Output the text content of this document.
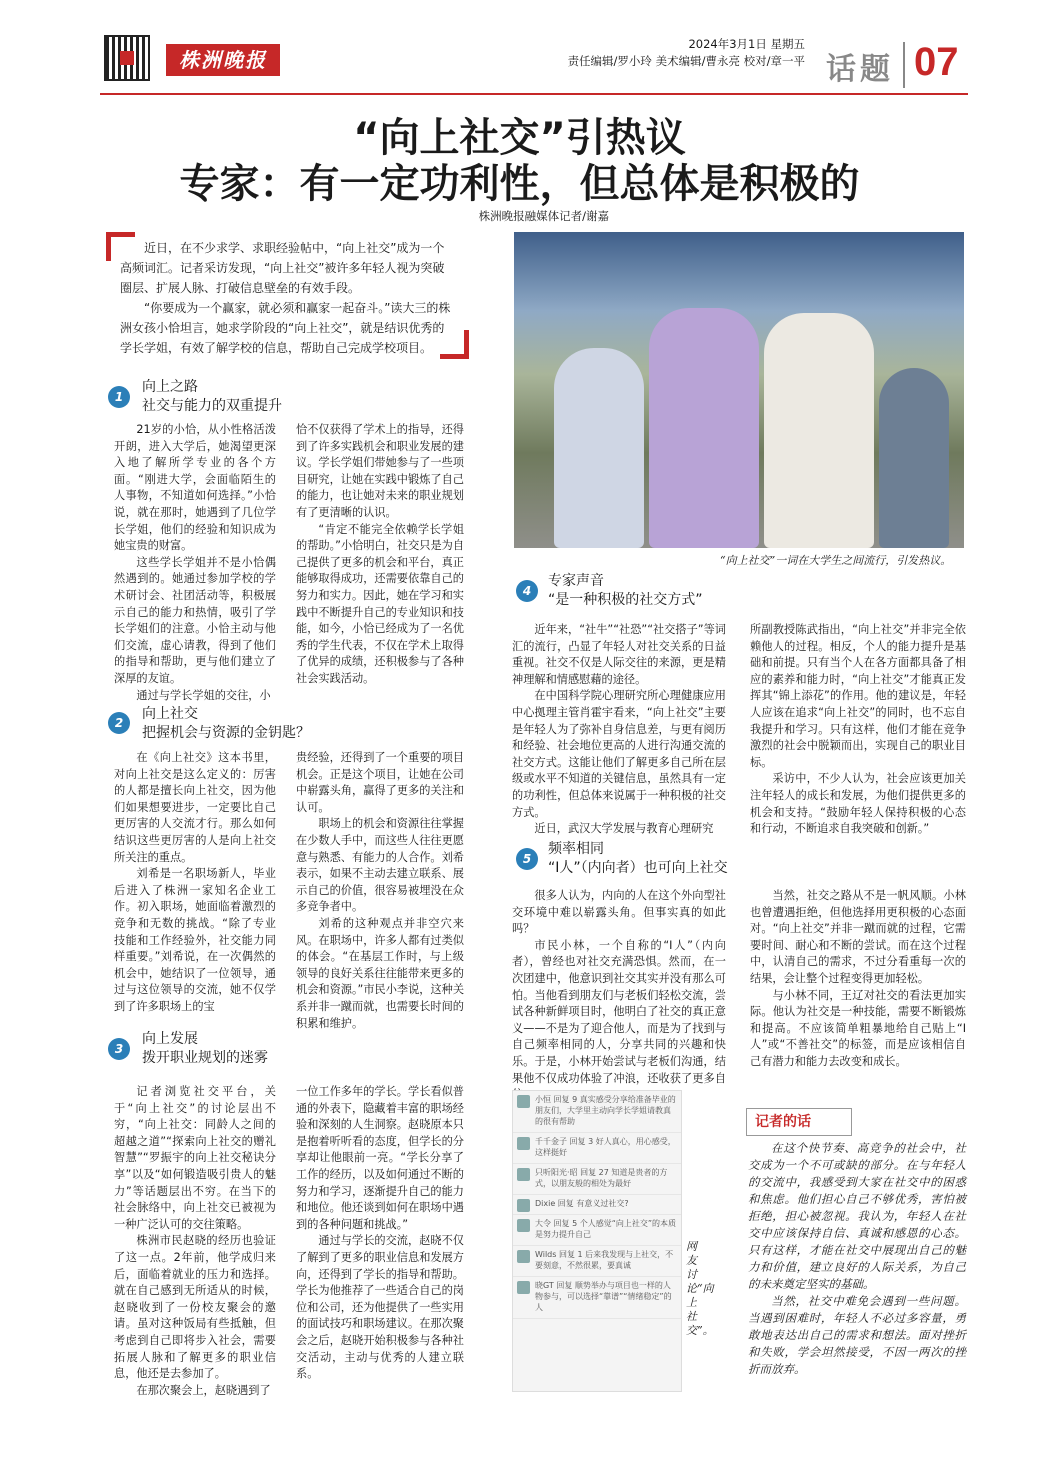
株洲晚报
2024年3月1日 星期五
责任编辑/罗小玲 美术编辑/曹永亮 校对/章一平 话题 07
“向上社交”引热议
专家：有一定功利性，但总体是积极的
株洲晚报融媒体记者/谢嘉

近日，在不少求学、求职经验帖中，“向上社交”成为一个高频词汇。记者采访发现，“向上社交”被许多年轻人视为突破圈层、扩展人脉、打破信息壁垒的有效手段。

“你要成为一个赢家，就必须和赢家一起奋斗。”读大三的株洲女孩小恰坦言，她求学阶段的“向上社交”，就是结识优秀的学长学姐，有效了解学校的信息，帮助自己完成学校项目。

“向上社交”一词在大学生之间流行，引发热议。
1
向上之路
社交与能力的双重提升

21岁的小恰，从小性格活泼开朗，进入大学后，她渴望更深入地了解所学专业的各个方面。“刚进大学，会面临陌生的人事物，不知道如何选择。”小恰说，就在那时，她遇到了几位学长学姐，他们的经验和知识成为她宝贵的财富。

这些学长学姐并不是小恰偶然遇到的。她通过参加学校的学术研讨会、社团活动等，积极展示自己的能力和热情，吸引了学长学姐们的注意。小恰主动与他们交流，虚心请教，得到了他们的指导和帮助，更与他们建立了深厚的友谊。

通过与学长学姐的交往，小

恰不仅获得了学术上的指导，还得到了许多实践机会和职业发展的建议。学长学姐们带她参与了一些项目研究，让她在实践中锻炼了自己的能力，也让她对未来的职业规划有了更清晰的认识。

“肯定不能完全依赖学长学姐的帮助。”小恰明白，社交只是为自己提供了更多的机会和平台，真正能够取得成功，还需要依靠自己的努力和实力。因此，她在学习和实践中不断提升自己的专业知识和技能，如今，小恰已经成为了一名优秀的学生代表，不仅在学术上取得了优异的成绩，还积极参与了各种社会实践活动。

2
向上社交
把握机会与资源的金钥匙？

在《向上社交》这本书里，对向上社交是这么定义的：厉害的人都是擅长向上社交，因为他们如果想要进步，一定要比自己更厉害的人交流才行。那么如何结识这些更厉害的人是向上社交所关注的重点。

刘希是一名职场新人，毕业后进入了株洲一家知名企业工作。初入职场，她面临着激烈的竞争和无数的挑战。“除了专业技能和工作经验外，社交能力同样重要。”刘希说，在一次偶然的机会中，她结识了一位领导，通过与这位领导的交流，她不仅学到了许多职场上的宝

贵经验，还得到了一个重要的项目机会。正是这个项目，让她在公司中崭露头角，赢得了更多的关注和认可。

职场上的机会和资源往往掌握在少数人手中，而这些人往往更愿意与熟悉、有能力的人合作。刘希表示，如果不主动去建立联系、展示自己的价值，很容易被埋没在众多竞争者中。

刘希的这种观点并非空穴来风。在职场中，许多人都有过类似的体会。“在基层工作时，与上级领导的良好关系往往能带来更多的机会和资源。”市民小李说，这种关系并非一蹴而就，也需要长时间的积累和维护。

3
向上发展
拨开职业规划的迷雾

记者浏览社交平台，关于“向上社交”的讨论层出不穷，“向上社交：同龄人之间的超越之道”“探索向上社交的赠礼智慧”“罗振宇的向上社交秘诀分享”以及“如何锻造吸引贵人的魅力”等话题层出不穷。在当下的社会脉络中，向上社交已被视为一种广泛认可的交往策略。

株洲市民赵晓的经历也验证了这一点。2年前，他学成归来后，面临着就业的压力和选择。就在自己感到无所适从的时候，赵晓收到了一份校友聚会的邀请。虽对这种饭局有些抵触，但考虑到自己即将步入社会，需要拓展人脉和了解更多的职业信息，他还是去参加了。

在那次聚会上，赵晓遇到了

一位工作多年的学长。学长看似普通的外表下，隐藏着丰富的职场经验和深刻的人生洞察。赵晓原本只是抱着听听看的态度，但学长的分享却让他眼前一亮。“学长分享了工作的经历，以及如何通过不断的努力和学习，逐渐提升自己的能力和地位。他还谈到如何在职场中遇到的各种问题和挑战。”

通过与学长的交流，赵晓不仅了解到了更多的职业信息和发展方向，还得到了学长的指导和帮助。学长为他推荐了一些适合自己的岗位和公司，还为他提供了一些实用的面试技巧和职场建议。在那次聚会之后，赵晓开始积极参与各种社交活动，主动与优秀的人建立联系。

4
专家声音
“是一种积极的社交方式”

近年来，“社牛”“社恐”“社交搭子”等词汇的流行，凸显了年轻人对社交关系的日益重视。社交不仅是人际交往的来源，更是精神理解和情感慰藉的途径。

在中国科学院心理研究所心理健康应用中心拠理主管肖霍宇看来，“向上社交”主要是年轻人为了弥补自身信息差，与更有阅历和经验、社会地位更高的人进行沟通交流的社交方式。这能让他们了解更多自己所在层级或水平不知道的关键信息，虽然具有一定的功利性，但总体来说属于一种积极的社交方式。

近日，武汉大学发展与教育心理研究

所副教授陈武指出，“向上社交”并非完全依赖他人的过程。相反，个人的能力提升是基础和前提。只有当个人在各方面都具备了相应的素养和能力时，“向上社交”才能真正发挥其“锦上添花”的作用。他的建议是，年轻人应该在追求“向上社交”的同时，也不忘自我提升和学习。只有这样，他们才能在竞争激烈的社会中脱颖而出，实现自己的职业目标。

采访中，不少人认为，社会应该更加关注年轻人的成长和发展，为他们提供更多的机会和支持。“鼓励年轻人保持积极的心态和行动，不断追求自我突破和创新。”

5
频率相同
“I人”（内向者）也可向上社交

很多人认为，内向的人在这个外向型社交环境中难以崭露头角。但事实真的如此吗？

市民小林，一个自称的“I人”（内向者），曾经也对社交充满恐惧。然而，在一次团建中，他意识到社交其实并没有那么可怕。当他看到朋友们与老板们轻松交流，尝试各种新鲜项目时，他明白了社交的真正意义——不是为了迎合他人，而是为了找到与自己频率相同的人，分享共同的兴趣和快乐。于是，小林开始尝试与老板们沟通，结果他不仅成功体验了冲浪，还收获了更多自

当然，社交之路从不是一帆风顺。小林也曾遭遇拒绝，但他选择用更积极的心态面对。“向上社交”并非一蹴而就的过程，它需要时间、耐心和不断的尝试。而在这个过程中，认清自己的需求，不过分看重每一次的结果，会让整个过程变得更加轻松。

与小林不同，王辽对社交的看法更加实际。他认为社交是一种技能，需要不断锻炼和提高。不应该简单粗暴地给自己贴上“I人”或“不善社交”的标签，而是应该相信自己有潜力和能力去改变和成长。

小恒 回复 9 真实感受分享给准备毕业的朋友们，大学里主动向学长学姐请教真的很有帮助
千千金子 回复 3 好人真心，用心感受，这样挺好
只听阳光·昭 回复 27 知道是贵者的方式，以朋友般的相处为最好
Dixie 回复 有意义过社交?
大令 回复 5 个人感觉“向上社交”的本质是努力提升自己
Wilds 回复 1 后来我发现与上社交，不要刻意，不然很累，要真诚
晓GT 回复 顺势举办与项目也一样的人物参与，可以选择“靠谱”“情绪稳定”的人
网友讨论“向上社交”。
记者的话

在这个快节奏、高竞争的社会中，社交成为一个不可或缺的部分。在与年轻人的交流中，我感受到大家在社交中的困惑和焦虑。他们担心自己不够优秀，害怕被拒绝，担心被忽视。我认为，年轻人在社交中应该保持自信、真诚和感恩的心态。只有这样，才能在社交中展现出自己的魅力和价值，建立良好的人际关系，为自己的未来奠定坚实的基础。

当然，社交中难免会遇到一些问题。当遇到困难时，年轻人不必过多容量，勇敢地表达出自己的需求和想法。面对挫折和失败，学会坦然接受，不因一两次的挫折而放弃。
